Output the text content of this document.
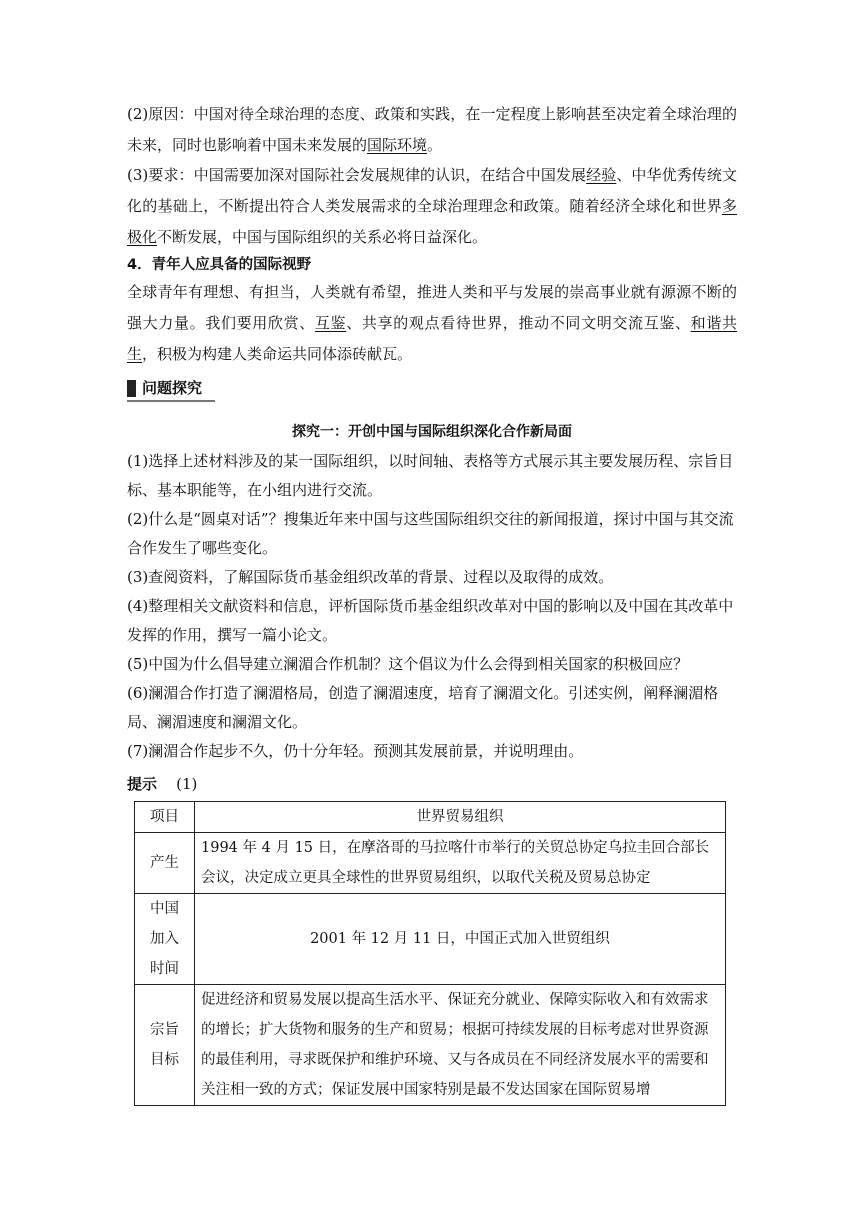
(2)原因：中国对待全球治理的态度、政策和实践，在一定程度上影响甚至决定着全球治理的未来，同时也影响着中国未来发展的国际环境。

(3)要求：中国需要加深对国际社会发展规律的认识，在结合中国发展经验、中华优秀传统文化的基础上，不断提出符合人类发展需求的全球治理理念和政策。随着经济全球化和世界多极化不断发展，中国与国际组织的关系必将日益深化。

4．青年人应具备的国际视野

全球青年有理想、有担当，人类就有希望，推进人类和平与发展的崇高事业就有源源不断的强大力量。我们要用欣赏、互鉴、共享的观点看待世界，推动不同文明交流互鉴、和谐共生，积极为构建人类命运共同体添砖献瓦。

问题探究
探究一：开创中国与国际组织深化合作新局面

(1)选择上述材料涉及的某一国际组织，以时间轴、表格等方式展示其主要发展历程、宗旨目标、基本职能等，在小组内进行交流。

(2)什么是“圆桌对话”？搜集近年来中国与这些国际组织交往的新闻报道，探讨中国与其交流合作发生了哪些变化。

(3)查阅资料，了解国际货币基金组织改革的背景、过程以及取得的成效。

(4)整理相关文献资料和信息，评析国际货币基金组织改革对中国的影响以及中国在其改革中发挥的作用，撰写一篇小论文。

(5)中国为什么倡导建立澜湄合作机制？这个倡议为什么会得到相关国家的积极回应？

(6)澜湄合作打造了澜湄格局，创造了澜湄速度，培育了澜湄文化。引述实例，阐释澜湄格局、澜湄速度和澜湄文化。

(7)澜湄合作起步不久，仍十分年轻。预测其发展前景，并说明理由。

提示 (1)
项目	世界贸易组织
产生	1994 年 4 月 15 日，在摩洛哥的马拉喀什市举行的关贸总协定乌拉圭回合部长会议，决定成立更具全球性的世界贸易组织，以取代关税及贸易总协定

中国
加入
时间	2001 年 12 月 11 日，中国正式加入世贸组织

宗旨
目标	促进经济和贸易发展以提高生活水平、保证充分就业、保障实际收入和有效需求的增长；扩大货物和服务的生产和贸易；根据可持续发展的目标考虑对世界资源的最佳利用，寻求既保护和维护环境、又与各成员在不同经济发展水平的需要和关注相一致的方式；保证发展中国家特别是最不发达国家在国际贸易增
